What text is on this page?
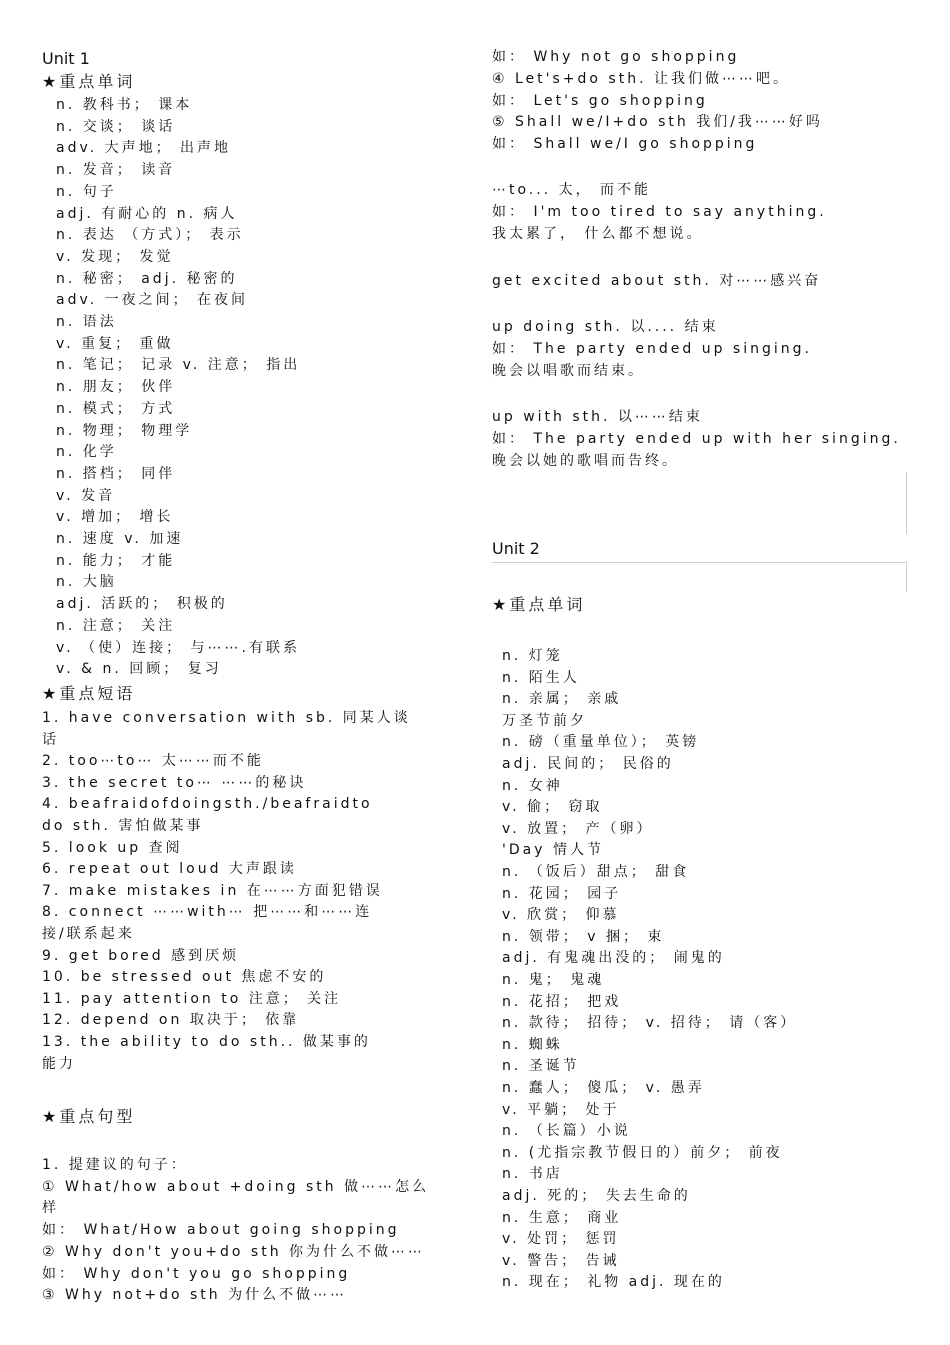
Unit 1
★重点单词
n. 教科书； 课本
n. 交谈； 谈话
adv. 大声地； 出声地
n. 发音； 读音
n. 句子
adj. 有耐心的 n. 病人
n. 表达 （方式）； 表示
v. 发现； 发觉
n. 秘密； adj. 秘密的
adv. 一夜之间； 在夜间
n. 语法
v. 重复； 重做
n. 笔记； 记录 v. 注意； 指出
n. 朋友； 伙伴
n. 模式； 方式
n. 物理； 物理学
n. 化学
n. 搭档； 同伴
v. 发音
v. 增加； 增长
n. 速度 v. 加速
n. 能力； 才能
n. 大脑
adj. 活跃的； 积极的
n. 注意； 关注
v. （使）连接； 与⋯⋯.有联系
v. & n. 回顾； 复习
★重点短语
1. have conversation with sb. 同某人谈
话
2. too⋯to⋯ 太⋯⋯而不能
3. the secret to⋯ ⋯⋯的秘诀
4. beafraidofdoingsth./beafraidto
do sth. 害怕做某事
5. look up 查阅
6. repeat out loud 大声跟读
7. make mistakes in 在⋯⋯方面犯错误
8. connect ⋯⋯with⋯ 把⋯⋯和⋯⋯连
接/联系起来
9. get bored 感到厌烦
10. be stressed out 焦虑不安的
11. pay attention to 注意； 关注
12. depend on 取决于； 依靠
13. the ability to do sth.. 做某事的
能力
★重点句型
1. 提建议的句子：
① What/how about +doing sth 做⋯⋯怎么
样
如： What/How about going shopping
② Why don't you+do sth 你为什么不做⋯⋯
如： Why don't you go shopping
③ Why not+do sth 为什么不做⋯⋯
如： Why not go shopping
④ Let's+do sth. 让我们做⋯⋯吧。
如： Let's go shopping
⑤ Shall we/I+do sth 我们/我⋯⋯好吗
如： Shall we/I go shopping
⋯to... 太， 而不能
如： I'm too tired to say anything.
我太累了， 什么都不想说。
get excited about sth. 对⋯⋯感兴奋
up doing sth. 以.... 结束
如： The party ended up singing.
晚会以唱歌而结束。
up with sth. 以⋯⋯结束
如： The party ended up with her singing.
晚会以她的歌唱而告终。
Unit 2
★重点单词
n. 灯笼
n. 陌生人
n. 亲属； 亲戚
万圣节前夕
n. 磅（重量单位）； 英镑
adj. 民间的； 民俗的
n. 女神
v. 偷； 窃取
v. 放置； 产（卵）
'Day 情人节
n. （饭后）甜点； 甜食
n. 花园； 园子
v. 欣赏； 仰慕
n. 领带； v 捆； 束
adj. 有鬼魂出没的； 闹鬼的
n. 鬼； 鬼魂
n. 花招； 把戏
n. 款待； 招待； v. 招待； 请（客）
n. 蜘蛛
n. 圣诞节
n. 蠢人； 傻瓜； v. 愚弄
v. 平躺； 处于
n. （长篇）小说
n. (尤指宗教节假日的）前夕； 前夜
n. 书店
adj. 死的； 失去生命的
n. 生意； 商业
v. 处罚； 惩罚
v. 警告； 告诫
n. 现在； 礼物 adj. 现在的
